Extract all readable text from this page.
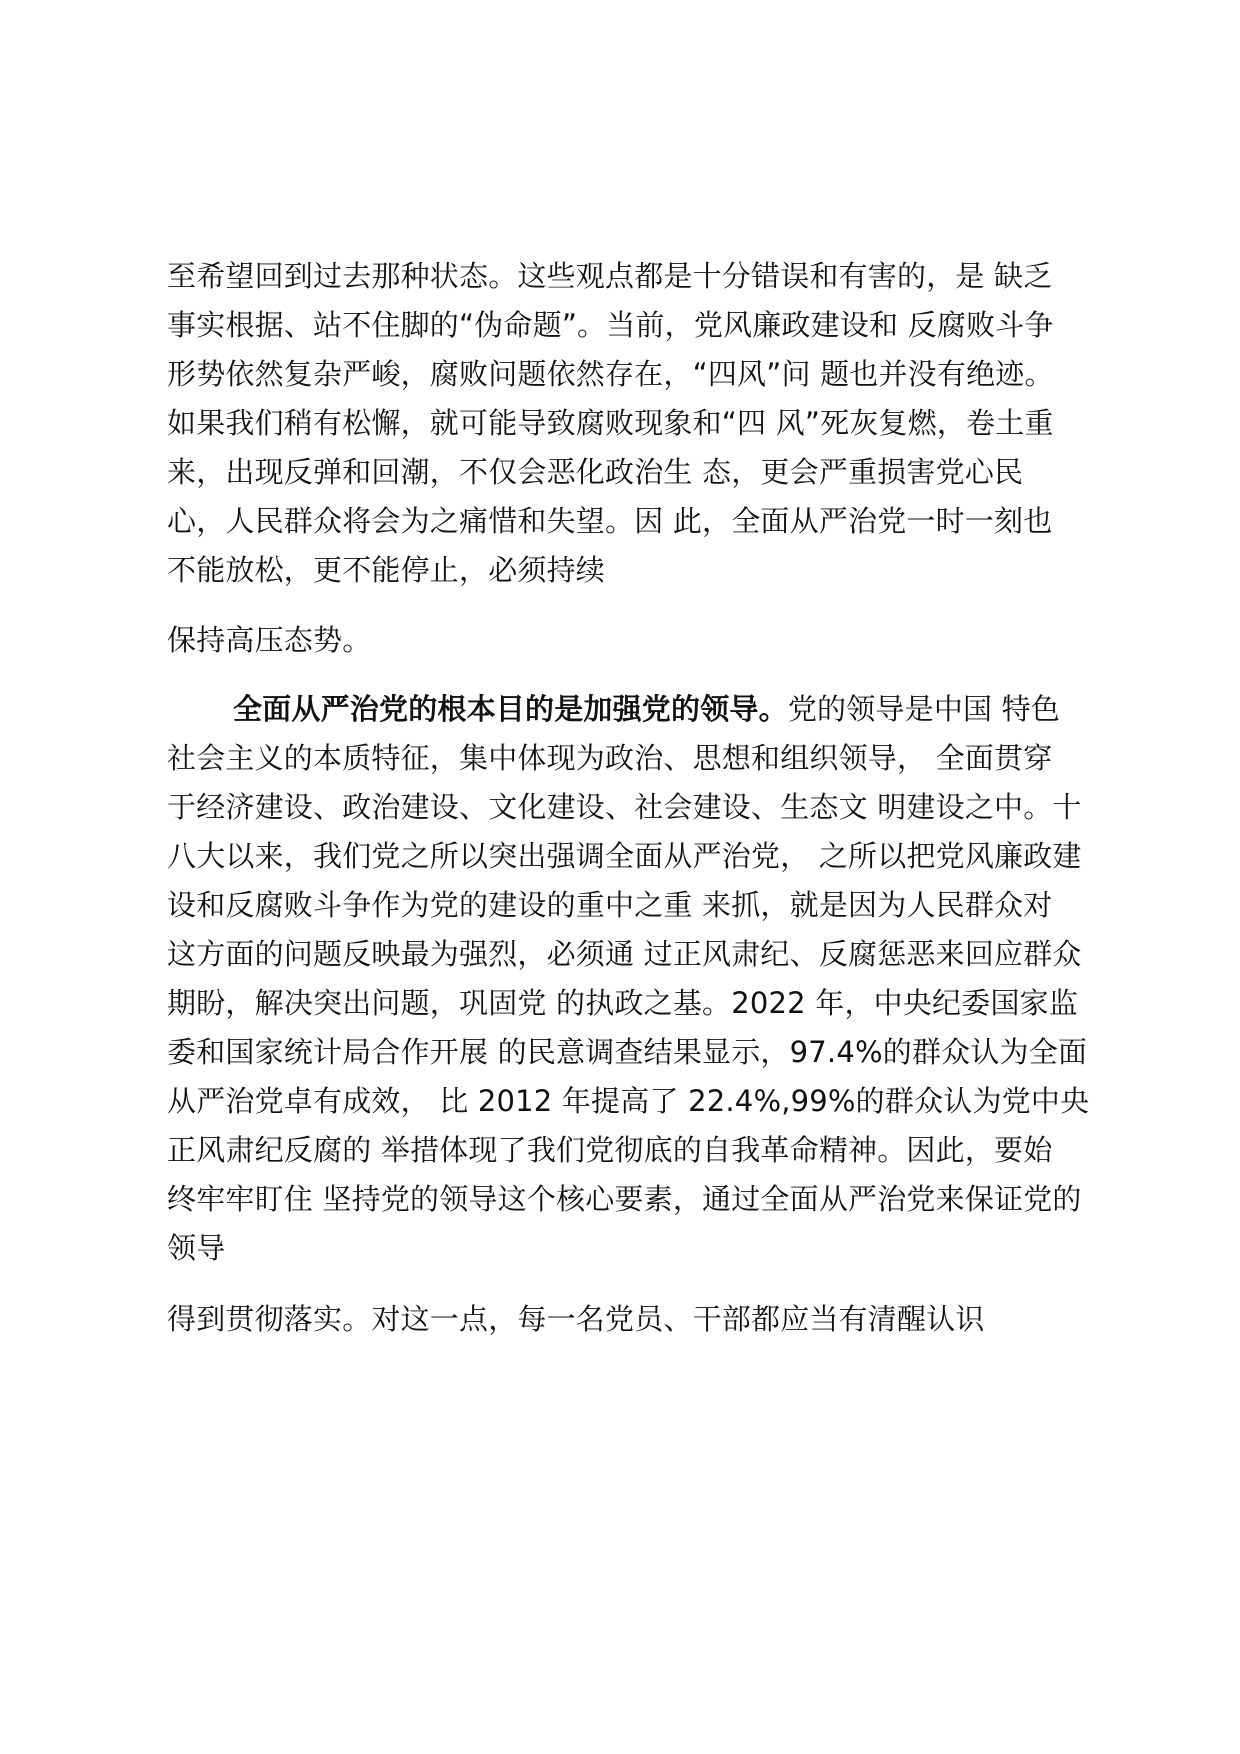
至希望回到过去那种状态。这些观点都是十分错误和有害的，是 缺乏
事实根据、站不住脚的“伪命题”。当前，党风廉政建设和 反腐败斗争
形势依然复杂严峻，腐败问题依然存在，“四风”问 题也并没有绝迹。
如果我们稍有松懈，就可能导致腐败现象和“四 风”死灰复燃，卷土重
来，出现反弹和回潮，不仅会恶化政治生 态，更会严重损害党心民
心，人民群众将会为之痛惜和失望。因 此，全面从严治党一时一刻也
不能放松，更不能停止，必须持续
保持高压态势。
全面从严治党的根本目的是加强党的领导。党的领导是中国 特色
社会主义的本质特征，集中体现为政治、思想和组织领导， 全面贯穿
于经济建设、政治建设、文化建设、社会建设、生态文 明建设之中。十
八大以来，我们党之所以突出强调全面从严治党， 之所以把党风廉政建
设和反腐败斗争作为党的建设的重中之重 来抓，就是因为人民群众对
这方面的问题反映最为强烈，必须通 过正风肃纪、反腐惩恶来回应群众
期盼，解决突出问题，巩固党 的执政之基。2022 年，中央纪委国家监
委和国家统计局合作开展 的民意调查结果显示，97.4%的群众认为全面
从严治党卓有成效， 比 2012 年提高了 22.4%,99%的群众认为党中央
正风肃纪反腐的 举措体现了我们党彻底的自我革命精神。因此，要始
终牢牢盯住 坚持党的领导这个核心要素，通过全面从严治党来保证党的
领导
得到贯彻落实。对这一点，每一名党员、干部都应当有清醒认识
